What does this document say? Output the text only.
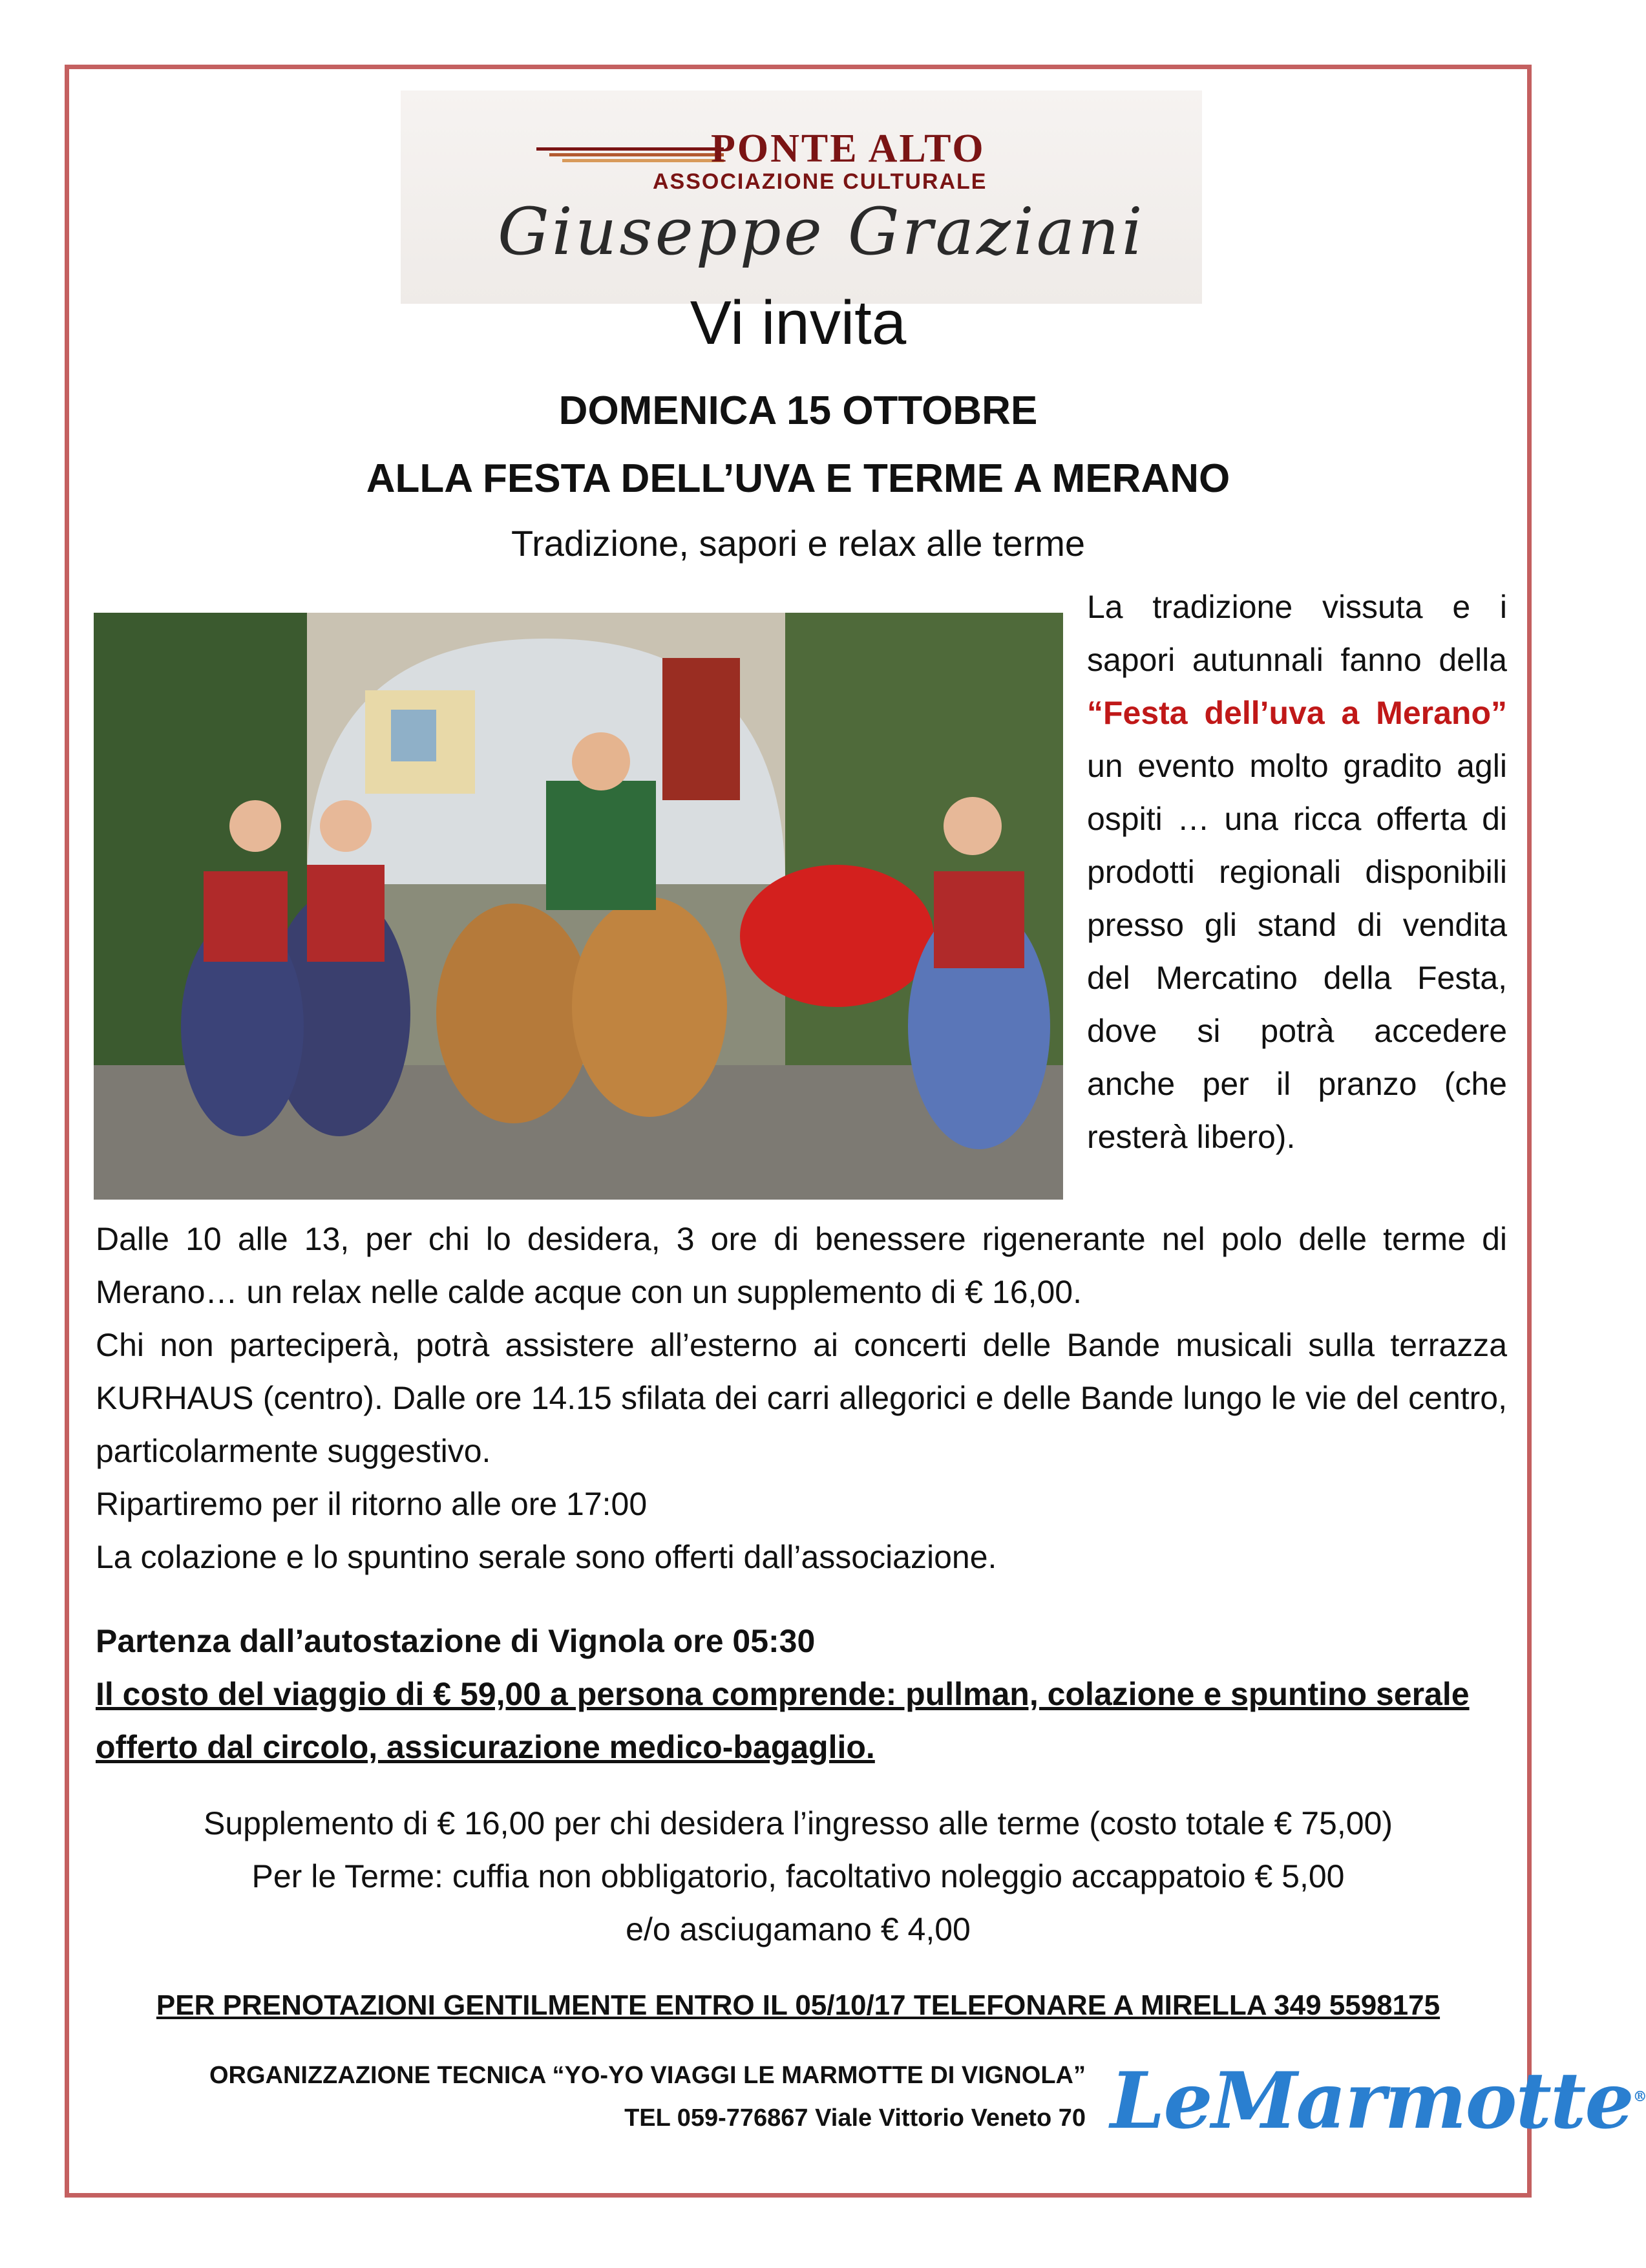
PONTE ALTO
ASSOCIAZIONE CULTURALE
Giuseppe Graziani
Vi invita
DOMENICA 15 OTTOBRE
ALLA FESTA DELL’UVA E TERME A MERANO
Tradizione, sapori e relax alle terme
La tradizione vissuta e i sapori autunnali fanno della “Festa dell’uva a Merano” un evento molto gradito agli ospiti … una ricca offerta di prodotti regionali disponibili presso gli stand di vendita del Mercatino della Festa, dove si potrà accedere anche per il pranzo (che resterà libero).

Dalle 10 alle 13, per chi lo desidera, 3 ore di benessere rigenerante nel polo delle terme di Merano… un relax nelle calde acque con un supplemento di € 16,00.

Chi non parteciperà, potrà assistere all’esterno ai concerti delle Bande musicali sulla terrazza KURHAUS (centro). Dalle ore 14.15 sfilata dei carri allegorici e delle Bande lungo le vie del centro, particolarmente suggestivo.

Ripartiremo per il ritorno alle ore 17:00

La colazione e lo spuntino serale sono offerti dall’associazione.

Partenza dall’autostazione di Vignola ore 05:30
Il costo del viaggio di € 59,00 a persona comprende: pullman, colazione e spuntino serale offerto dal circolo, assicurazione medico-bagaglio.
Supplemento di € 16,00 per chi desidera l’ingresso alle terme (costo totale € 75,00)
Per le Terme: cuffia non obbligatorio, facoltativo noleggio accappatoio € 5,00
e/o asciugamano € 4,00
PER PRENOTAZIONI GENTILMENTE ENTRO IL 05/10/17 TELEFONARE A MIRELLA 349 5598175
ORGANIZZAZIONE TECNICA “YO-YO VIAGGI LE MARMOTTE DI VIGNOLA”
TEL 059-776867 Viale Vittorio Veneto 70 LeMarmotte®
